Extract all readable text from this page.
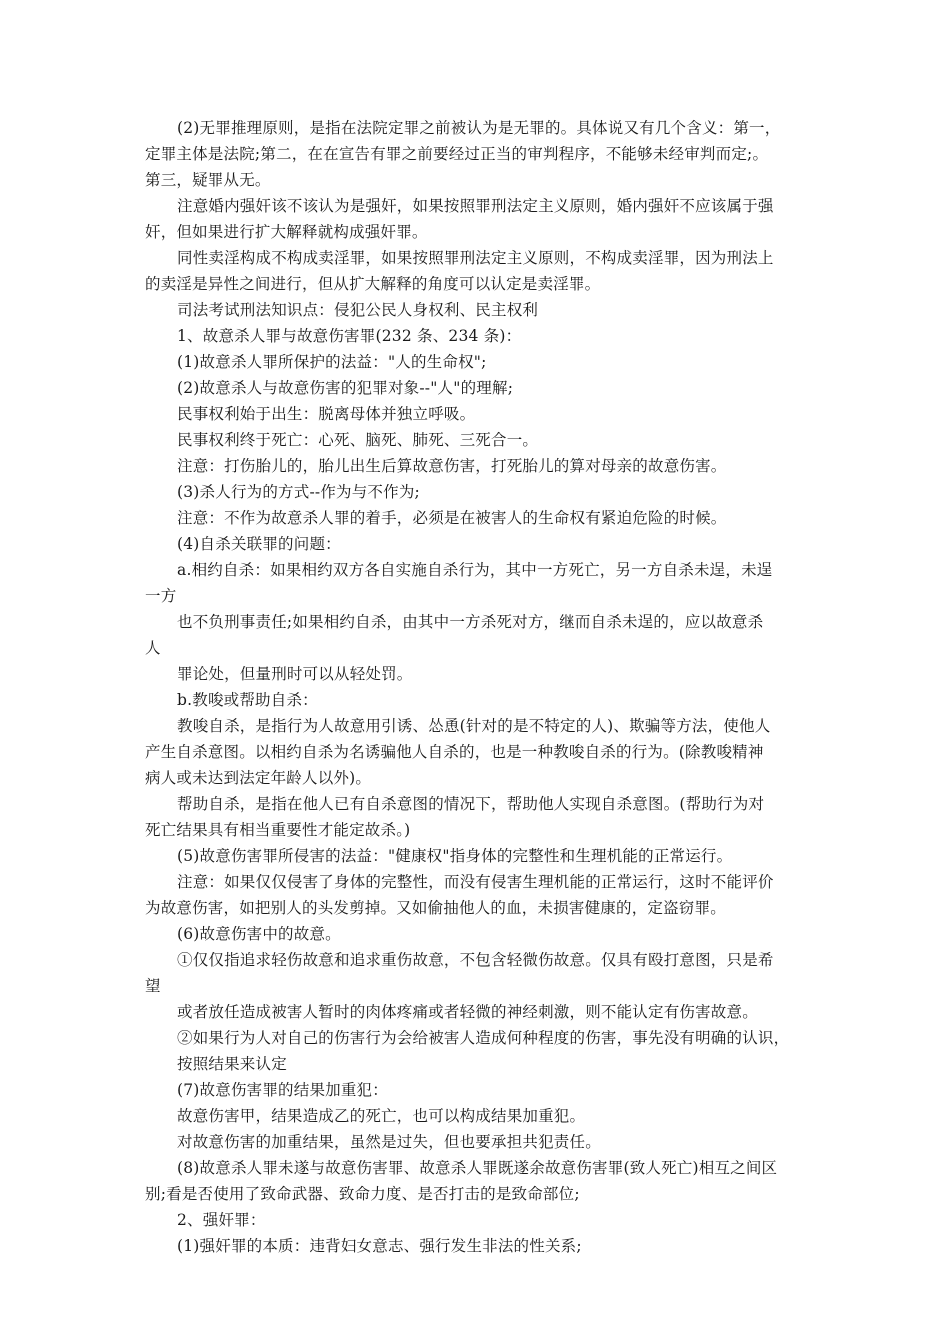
(2)无罪推理原则，是指在法院定罪之前被认为是无罪的。具体说又有几个含义：第一，
定罪主体是法院;第二，在在宣告有罪之前要经过正当的审判程序，不能够未经审判而定;。
第三，疑罪从无。
注意婚内强奸该不该认为是强奸，如果按照罪刑法定主义原则，婚内强奸不应该属于强
奸，但如果进行扩大解释就构成强奸罪。
同性卖淫构成不构成卖淫罪，如果按照罪刑法定主义原则，不构成卖淫罪，因为刑法上
的卖淫是异性之间进行，但从扩大解释的角度可以认定是卖淫罪。
司法考试刑法知识点：侵犯公民人身权利、民主权利
1、故意杀人罪与故意伤害罪(232 条、234 条)：
(1)故意杀人罪所保护的法益："人的生命权";
(2)故意杀人与故意伤害的犯罪对象--"人"的理解;
民事权利始于出生：脱离母体并独立呼吸。
民事权利终于死亡：心死、脑死、肺死、三死合一。
注意：打伤胎儿的，胎儿出生后算故意伤害，打死胎儿的算对母亲的故意伤害。
(3)杀人行为的方式--作为与不作为;
注意：不作为故意杀人罪的着手，必须是在被害人的生命权有紧迫危险的时候。
(4)自杀关联罪的问题：
a.相约自杀：如果相约双方各自实施自杀行为，其中一方死亡，另一方自杀未逞，未逞
一方
也不负刑事责任;如果相约自杀，由其中一方杀死对方，继而自杀未逞的，应以故意杀
人
罪论处，但量刑时可以从轻处罚。
b.教唆或帮助自杀：
教唆自杀，是指行为人故意用引诱、怂恿(针对的是不特定的人)、欺骗等方法，使他人
产生自杀意图。以相约自杀为名诱骗他人自杀的，也是一种教唆自杀的行为。(除教唆精神
病人或未达到法定年龄人以外)。
帮助自杀，是指在他人已有自杀意图的情况下，帮助他人实现自杀意图。(帮助行为对
死亡结果具有相当重要性才能定故杀。)
(5)故意伤害罪所侵害的法益："健康权"指身体的完整性和生理机能的正常运行。
注意：如果仅仅侵害了身体的完整性，而没有侵害生理机能的正常运行，这时不能评价
为故意伤害，如把别人的头发剪掉。又如偷抽他人的血，未损害健康的，定盗窃罪。
(6)故意伤害中的故意。
①仅仅指追求轻伤故意和追求重伤故意，不包含轻微伤故意。仅具有殴打意图，只是希
望
或者放任造成被害人暂时的肉体疼痛或者轻微的神经刺激，则不能认定有伤害故意。
②如果行为人对自己的伤害行为会给被害人造成何种程度的伤害，事先没有明确的认识，
按照结果来认定
(7)故意伤害罪的结果加重犯：
故意伤害甲，结果造成乙的死亡，也可以构成结果加重犯。
对故意伤害的加重结果，虽然是过失，但也要承担共犯责任。
(8)故意杀人罪未遂与故意伤害罪、故意杀人罪既遂余故意伤害罪(致人死亡)相互之间区
别;看是否使用了致命武器、致命力度、是否打击的是致命部位;
2、强奸罪：
(1)强奸罪的本质：违背妇女意志、强行发生非法的性关系;
